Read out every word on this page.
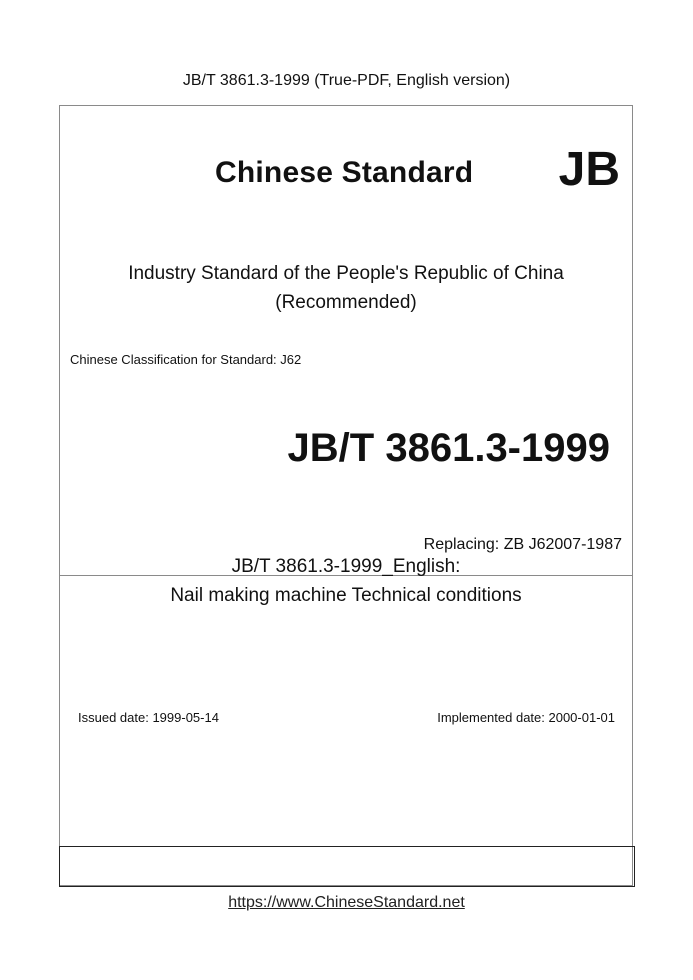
JB/T 3861.3-1999 (True-PDF, English version)
Chinese Standard JB
Industry Standard of the People's Republic of China
(Recommended)
Chinese Classification for Standard: J62
JB/T 3861.3-1999
Replacing: ZB J62007-1987
JB/T 3861.3-1999_English:
Nail making machine Technical conditions
Issued date: 1999-05-14	Implemented date: 2000-01-01
https://www.ChineseStandard.net
